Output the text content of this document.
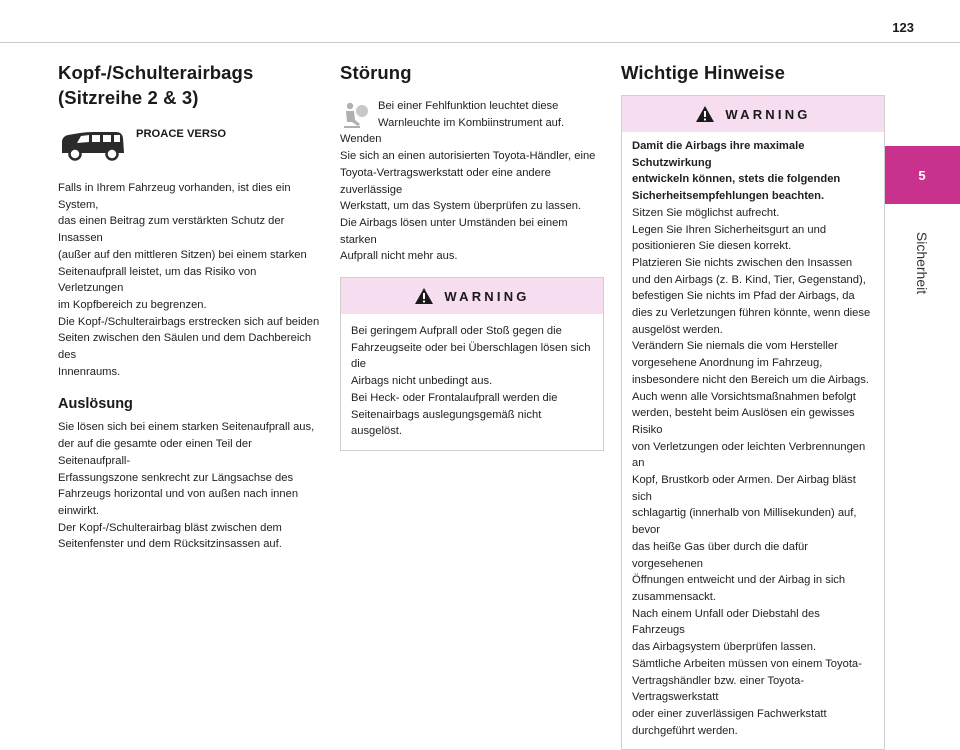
123
5
Sicherheit
Kopf-/Schulterairbags
(Sitzreihe 2 & 3)
PROACE VERSO
Falls in Ihrem Fahrzeug vorhanden, ist dies ein System,
das einen Beitrag zum verstärkten Schutz der Insassen
(außer auf den mittleren Sitzen) bei einem starken
Seitenaufprall leistet, um das Risiko von Verletzungen
im Kopfbereich zu begrenzen.
Die Kopf-/Schulterairbags erstrecken sich auf beiden
Seiten zwischen den Säulen und dem Dachbereich des
Innenraums.
Auslösung
Sie lösen sich bei einem starken Seitenaufprall aus,
der auf die gesamte oder einen Teil der Seitenaufprall-
Erfassungszone senkrecht zur Längsachse des
Fahrzeugs horizontal und von außen nach innen
einwirkt.
Der Kopf-/Schulterairbag bläst zwischen dem
Seitenfenster und dem Rücksitzinsassen auf.
Störung
Bei einer Fehlfunktion leuchtet diese
Warnleuchte im Kombiinstrument auf. Wenden
Sie sich an einen autorisierten Toyota-Händler, eine
Toyota-Vertragswerkstatt oder eine andere zuverlässige
Werkstatt, um das System überprüfen zu lassen.
Die Airbags lösen unter Umständen bei einem starken
Aufprall nicht mehr aus.
WARNING
Bei geringem Aufprall oder Stoß gegen die
Fahrzeugseite oder bei Überschlagen lösen sich die
Airbags nicht unbedingt aus.
Bei Heck- oder Frontalaufprall werden die
Seitenairbags auslegungsgemäß nicht ausgelöst.
Wichtige Hinweise
WARNING
Damit die Airbags ihre maximale Schutzwirkung
entwickeln können, stets die folgenden
Sicherheitsempfehlungen beachten.
Sitzen Sie möglichst aufrecht.
Legen Sie Ihren Sicherheitsgurt an und
positionieren Sie diesen korrekt.
Platzieren Sie nichts zwischen den Insassen
und den Airbags (z. B. Kind, Tier, Gegenstand),
befestigen Sie nichts im Pfad der Airbags, da
dies zu Verletzungen führen könnte, wenn diese
ausgelöst werden.
Verändern Sie niemals die vom Hersteller
vorgesehene Anordnung im Fahrzeug,
insbesondere nicht den Bereich um die Airbags.
Auch wenn alle Vorsichtsmaßnahmen befolgt
werden, besteht beim Auslösen ein gewisses Risiko
von Verletzungen oder leichten Verbrennungen an
Kopf, Brustkorb oder Armen. Der Airbag bläst sich
schlagartig (innerhalb von Millisekunden) auf, bevor
das heiße Gas über durch die dafür vorgesehenen
Öffnungen entweicht und der Airbag in sich
zusammensackt.
Nach einem Unfall oder Diebstahl des Fahrzeugs
das Airbagsystem überprüfen lassen.
Sämtliche Arbeiten müssen von einem Toyota-
Vertragshändler bzw. einer Toyota-Vertragswerkstatt
oder einer zuverlässigen Fachwerkstatt
durchgeführt werden.
